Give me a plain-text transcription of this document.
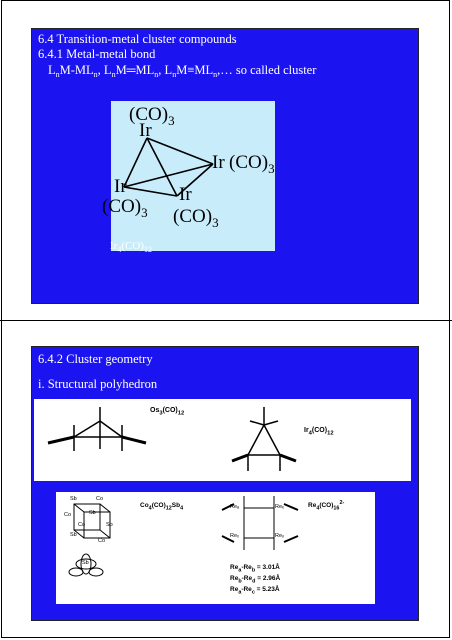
6.4 Transition-metal cluster compounds
6.4.1 Metal-metal bond
$L_nM-ML_n$, $L_nM═ML_n$, $L_nM\equiv ML_n,\dots$ so called cluster
$(CO)_3$
Ir
Ir $(CO)_3$
Ir	Ir
$(CO)_3$ $(CO)_3$
$Ir_4(CO)_{12}$
6.4.2 Cluster geometry
i. Structural polyhedron
$Os_3(CO)_{12}$
$Ir_4(CO)_{12}$
Sb	Co
Co	Sb
Co	Sb
Sb
Co
Sb
$Co_4(CO)_{12}Sb_4$	$Re_4(CO)_{16}^{2-}$
Reₐ	Reₑ
Reₓ	Reₒ
$Re_a-Re_b$ = 3.01Å
$Re_b-Re_d$ = 2.96Å
$Re_a-Re_c$ = 5.23Å
